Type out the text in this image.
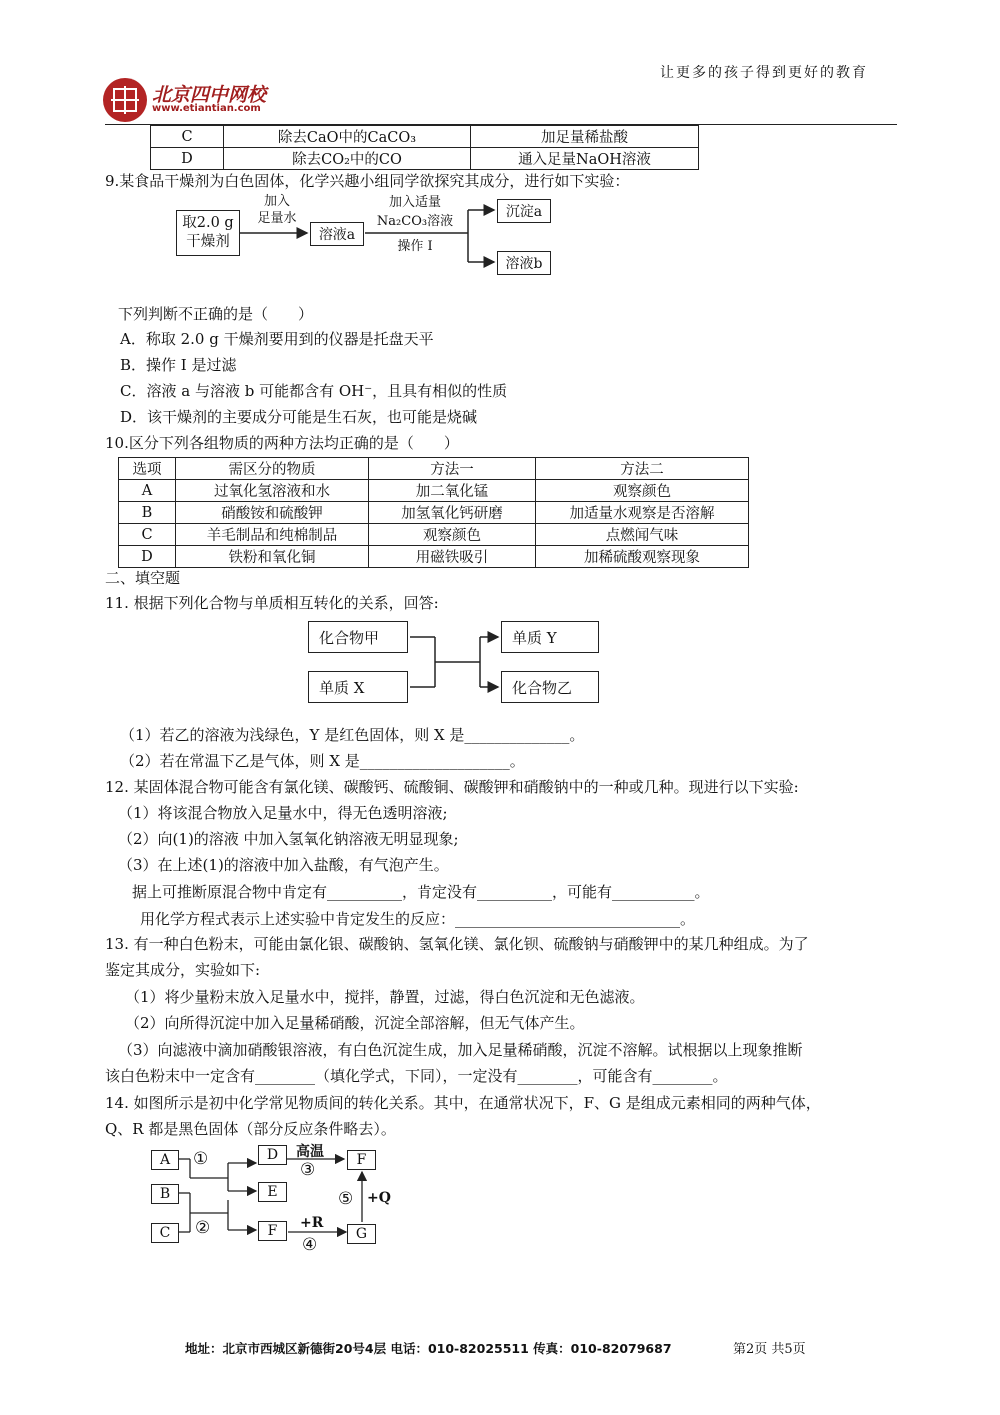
让更多的孩子得到更好的教育
北京四中网校
www.etiantian.com
C	除去CaO中的CaCO₃	加足量稀盐酸
D	除去CO₂中的CO	通入足量NaOH溶液
9.某食品干燥剂为白色固体，化学兴趣小组同学欲探究其成分，进行如下实验：
取2.0 g
干燥剂
加入
足量水
溶液a
加入适量
Na₂CO₃溶液
操作 I
沉淀a
溶液b
下列判断不正确的是（　　）
A．称取 2.0 g 干燥剂要用到的仪器是托盘天平
B．操作 I 是过滤
C．溶液 a 与溶液 b 可能都含有 OH⁻，且具有相似的性质
D．该干燥剂的主要成分可能是生石灰，也可能是烧碱
10.区分下列各组物质的两种方法均正确的是（　　）
选项	需区分的物质	方法一	方法二
A	过氧化氢溶液和水	加二氧化锰	观察颜色
B	硝酸铵和硫酸钾	加氢氧化钙研磨	加适量水观察是否溶解
C	羊毛制品和纯棉制品	观察颜色	点燃闻气味
D	铁粉和氧化铜	用磁铁吸引	加稀硫酸观察现象
二、填空题
11. 根据下列化合物与单质相互转化的关系，回答:
化合物甲
单质 X
单质 Y
化合物乙
（1）若乙的溶液为浅绿色，Y 是红色固体，则 X 是______________。
（2）若在常温下乙是气体，则 X 是____________________。
12. 某固体混合物可能含有氯化镁、碳酸钙、硫酸铜、碳酸钾和硝酸钠中的一种或几种。现进行以下实验:
（1）将该混合物放入足量水中，得无色透明溶液;
（2）向(1)的溶液 中加入氢氧化钠溶液无明显现象;
（3）在上述(1)的溶液中加入盐酸，有气泡产生。
据上可推断原混合物中肯定有__________，肯定没有__________，可能有___________。
用化学方程式表示上述实验中肯定发生的反应：______________________________。
13. 有一种白色粉末，可能由氯化银、碳酸钠、氢氧化镁、氯化钡、硫酸钠与硝酸钾中的某几种组成。为了
鉴定其成分，实验如下:
（1）将少量粉末放入足量水中，搅拌，静置，过滤，得白色沉淀和无色滤液。
（2）向所得沉淀中加入足量稀硝酸，沉淀全部溶解，但无气体产生。
（3）向滤液中滴加硝酸银溶液，有白色沉淀生成，加入足量稀硝酸，沉淀不溶解。试根据以上现象推断
该白色粉末中一定含有________（填化学式，下同），一定没有________，可能含有________。
14. 如图所示是初中化学常见物质间的转化关系。其中，在通常状况下，F、G 是组成元素相同的两种气体，
Q、R 都是黑色固体（部分反应条件略去）。
A
B
C
D
E
F
F
G
①
②
高温
③
+R
④
⑤ +Q
地址：北京市西城区新德街20号4层 电话：010-82025511 传真：010-82079687	第2页 共5页
